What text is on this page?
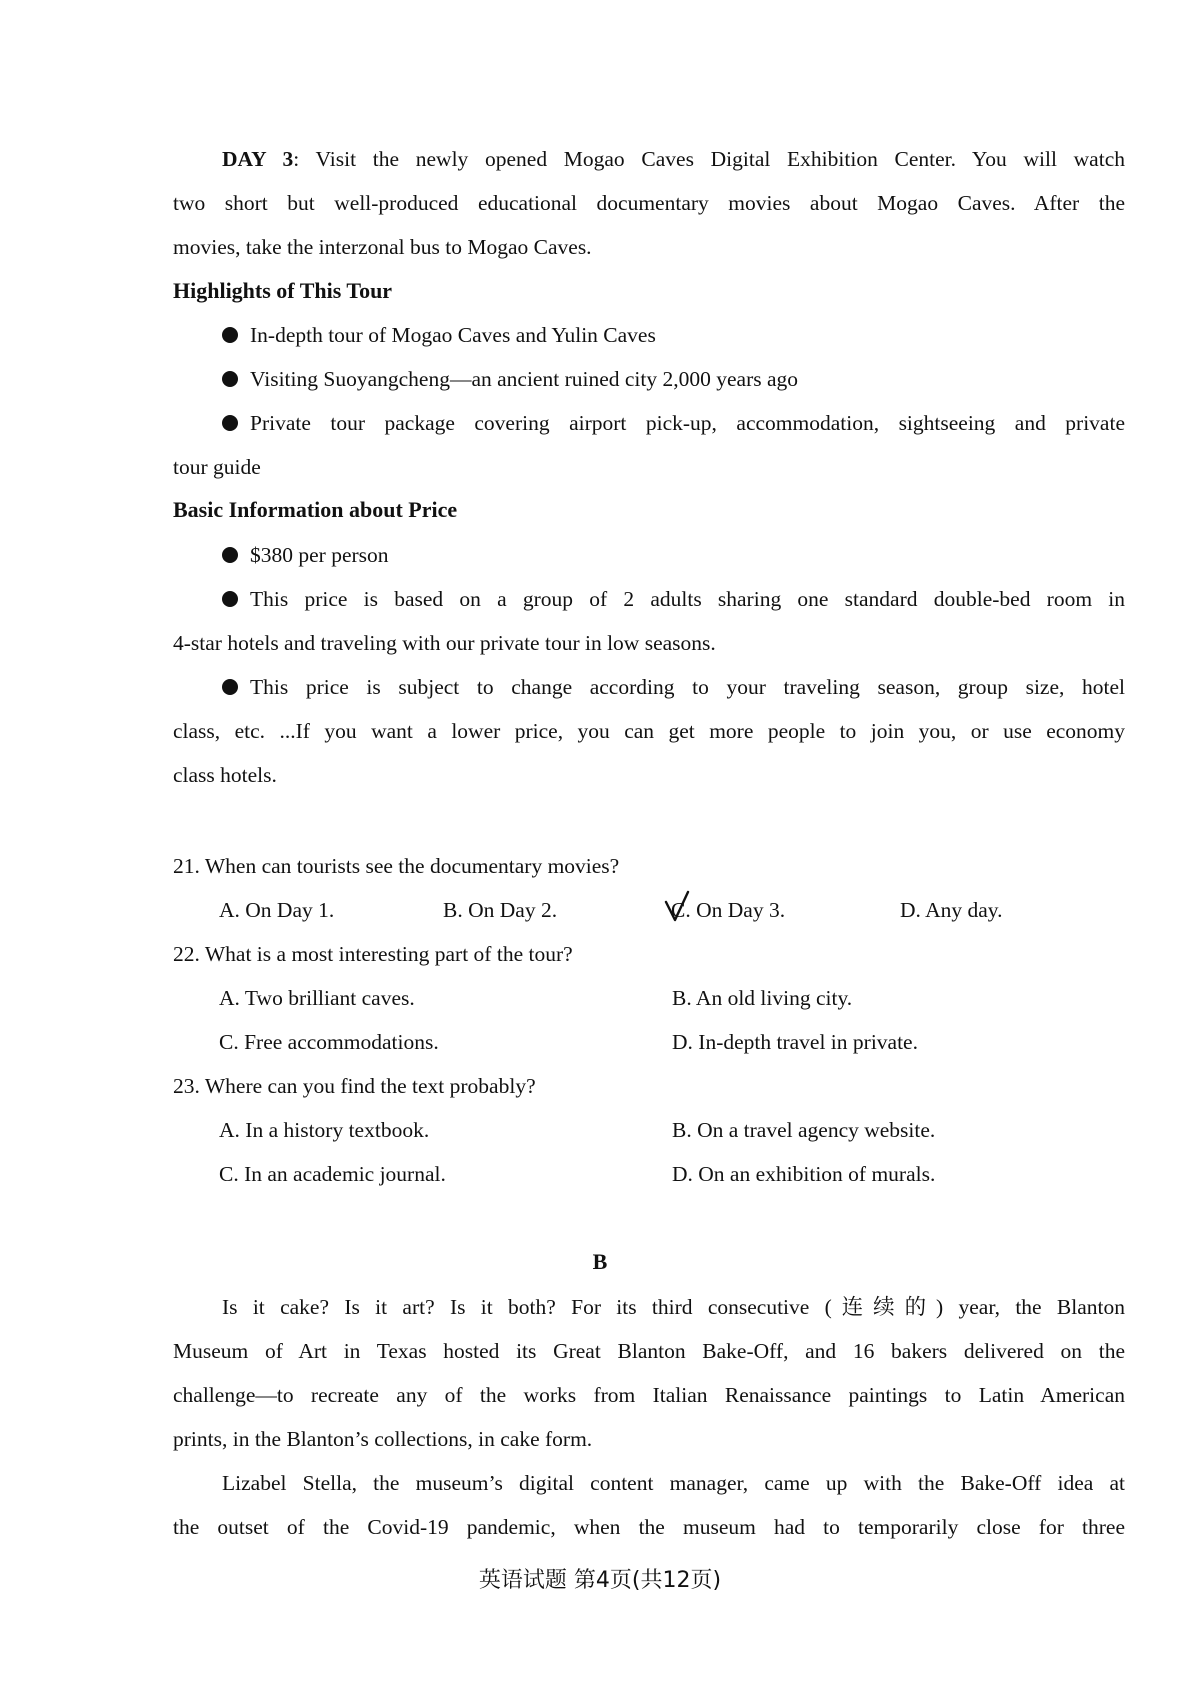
DAY 3: Visit the newly opened Mogao Caves Digital Exhibition Center. You will watch
two short but well-produced educational documentary movies about Mogao Caves. After the
movies, take the interzonal bus to Mogao Caves.
Highlights of This Tour
In-depth tour of Mogao Caves and Yulin Caves
Visiting Suoyangcheng—an ancient ruined city 2,000 years ago
Private tour package covering airport pick-up, accommodation, sightseeing and private
tour guide
Basic Information about Price
$380 per person
This price is based on a group of 2 adults sharing one standard double-bed room in
4-star hotels and traveling with our private tour in low seasons.
This price is subject to change according to your traveling season, group size, hotel
class, etc. ...If you want a lower price, you can get more people to join you, or use economy
class hotels.
21. When can tourists see the documentary movies?
A. On Day 1.	B. On Day 2.	C. On Day 3.	D. Any day.
22. What is a most interesting part of the tour?
A. Two brilliant caves.	B. An old living city.
C. Free accommodations.	D. In-depth travel in private.
23. Where can you find the text probably?
A. In a history textbook.	B. On a travel agency website.
C. In an academic journal.	D. On an exhibition of murals.
B
Is it cake? Is it art? Is it both? For its third consecutive (连续的) year, the Blanton
Museum of Art in Texas hosted its Great Blanton Bake-Off, and 16 bakers delivered on the
challenge—to recreate any of the works from Italian Renaissance paintings to Latin American
prints, in the Blanton’s collections, in cake form.
Lizabel Stella, the museum’s digital content manager, came up with the Bake-Off idea at
the outset of the Covid-19 pandemic, when the museum had to temporarily close for three
英语试题 第4页(共12页)
